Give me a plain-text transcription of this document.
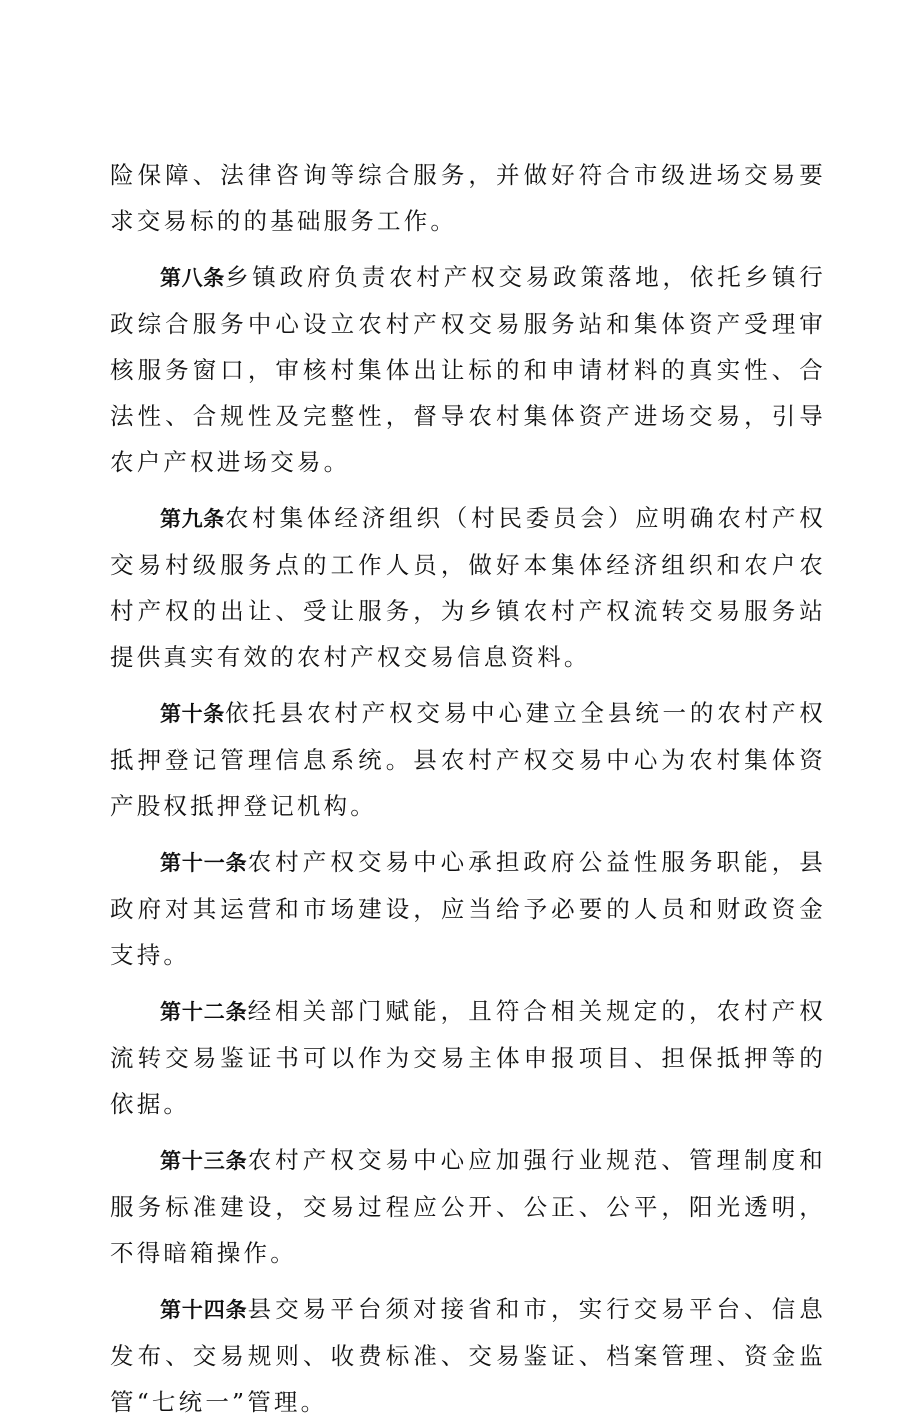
险保障、法律咨询等综合服务，并做好符合市级进场交易要求交易标的的基础服务工作。

第八条乡镇政府负责农村产权交易政策落地，依托乡镇行政综合服务中心设立农村产权交易服务站和集体资产受理审核服务窗口，审核村集体出让标的和申请材料的真实性、合法性、合规性及完整性，督导农村集体资产进场交易，引导农户产权进场交易。

第九条农村集体经济组织（村民委员会）应明确农村产权交易村级服务点的工作人员，做好本集体经济组织和农户农村产权的出让、受让服务，为乡镇农村产权流转交易服务站提供真实有效的农村产权交易信息资料。

第十条依托县农村产权交易中心建立全县统一的农村产权抵押登记管理信息系统。县农村产权交易中心为农村集体资产股权抵押登记机构。

第十一条农村产权交易中心承担政府公益性服务职能，县政府对其运营和市场建设，应当给予必要的人员和财政资金支持。

第十二条经相关部门赋能，且符合相关规定的，农村产权流转交易鉴证书可以作为交易主体申报项目、担保抵押等的依据。

第十三条农村产权交易中心应加强行业规范、管理制度和服务标准建设，交易过程应公开、公正、公平，阳光透明，不得暗箱操作。

第十四条县交易平台须对接省和市，实行交易平台、信息发布、交易规则、收费标准、交易鉴证、档案管理、资金监管“七统一”管理。
